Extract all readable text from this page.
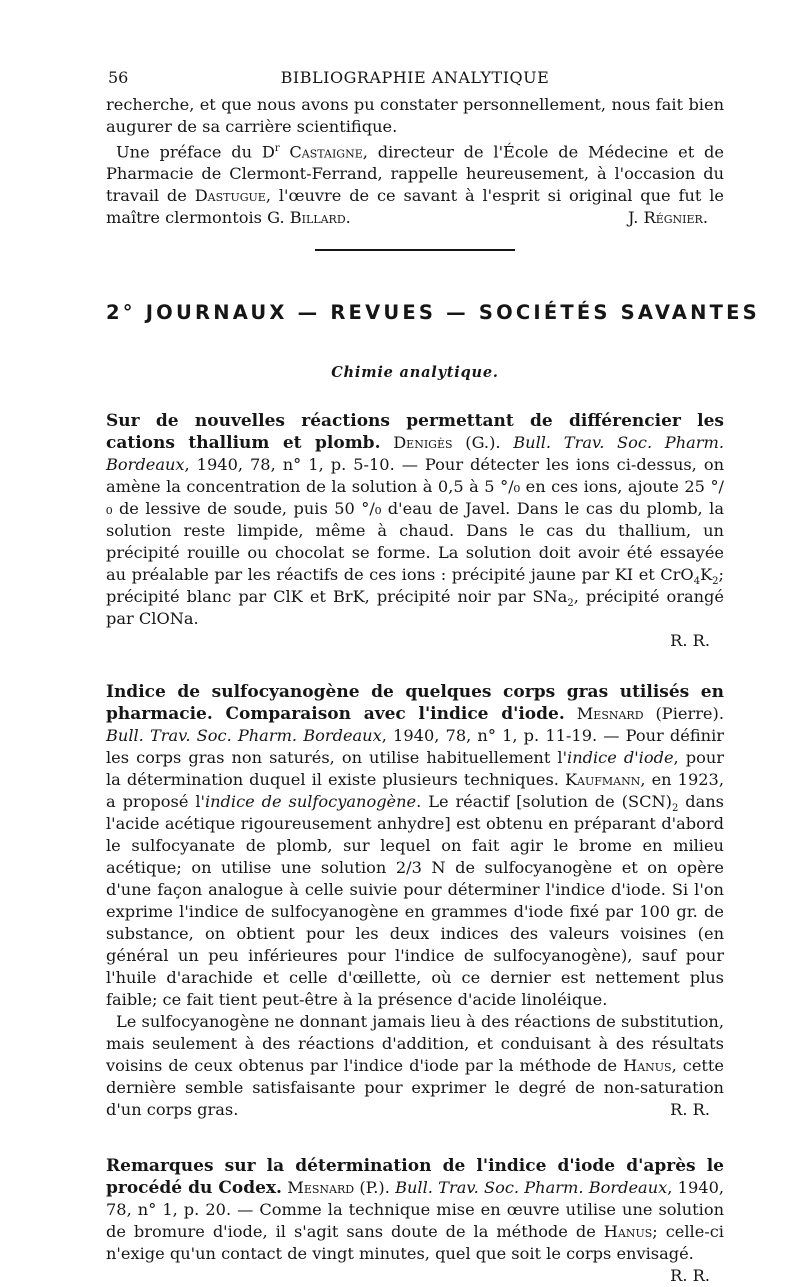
56	BIBLIOGRAPHIE ANALYTIQUE

recherche, et que nous avons pu constater personnellement, nous fait bien augurer de sa carrière scientifique.

Une préface du $D^r$ Castaigne, directeur de l'École de Médecine et de Pharmacie de Clermont-Ferrand, rappelle heureusement, à l'occasion du travail de Dastugue, l'œuvre de ce savant à l'esprit si original que fut le maître clermontois G. Billard.	J. Régnier.
2° JOURNAUX — REVUES — SOCIÉTÉS SAVANTES
Chimie analytique.

Sur de nouvelles réactions permettant de différencier les cations thallium et plomb. Denigès (G.). Bull. Trav. Soc. Pharm. Bordeaux, 1940, 78, n° 1, p. 5-10. — Pour détecter les ions ci-dessus, on amène la concentration de la solution à 0,5 à 5 °/₀ en ces ions, ajoute 25 °/₀ de lessive de soude, puis 50 °/₀ d'eau de Javel. Dans le cas du plomb, la solution reste limpide, même à chaud. Dans le cas du thallium, un précipité rouille ou chocolat se forme. La solution doit avoir été essayée au préalable par les réactifs de ces ions : précipité jaune par KI et $CrO_4K_2$; précipité blanc par ClK et BrK, précipité noir par SNa$_2$, précipité orangé par ClONa.

R. R.

Indice de sulfocyanogène de quelques corps gras utilisés en pharmacie. Comparaison avec l'indice d'iode. Mesnard (Pierre). Bull. Trav. Soc. Pharm. Bordeaux, 1940, 78, n° 1, p. 11-19. — Pour définir les corps gras non saturés, on utilise habituellement l'indice d'iode, pour la détermination duquel il existe plusieurs techniques. Kaufmann, en 1923, a proposé l'indice de sulfocyanogène. Le réactif [solution de $(SCN)_2$ dans l'acide acétique rigoureusement anhydre] est obtenu en préparant d'abord le sulfocyanate de plomb, sur lequel on fait agir le brome en milieu acétique; on utilise une solution 2/3 N de sulfocyanogène et on opère d'une façon analogue à celle suivie pour déterminer l'indice d'iode. Si l'on exprime l'indice de sulfocyanogène en grammes d'iode fixé par 100 gr. de substance, on obtient pour les deux indices des valeurs voisines (en général un peu inférieures pour l'indice de sulfocyanogène), sauf pour l'huile d'arachide et celle d'œillette, où ce dernier est nettement plus faible; ce fait tient peut-être à la présence d'acide linoléique.

Le sulfocyanogène ne donnant jamais lieu à des réactions de substitution, mais seulement à des réactions d'addition, et conduisant à des résultats voisins de ceux obtenus par l'indice d'iode par la méthode de Hanus, cette dernière semble satisfaisante pour exprimer le degré de non-saturation d'un corps gras.	R. R.

Remarques sur la détermination de l'indice d'iode d'après le procédé du Codex. Mesnard (P.). Bull. Trav. Soc. Pharm. Bordeaux, 1940, 78, n° 1, p. 20. — Comme la technique mise en œuvre utilise une solution de bromure d'iode, il s'agit sans doute de la méthode de Hanus; celle-ci n'exige qu'un contact de vingt minutes, quel que soit le corps envisagé.

R. R.
